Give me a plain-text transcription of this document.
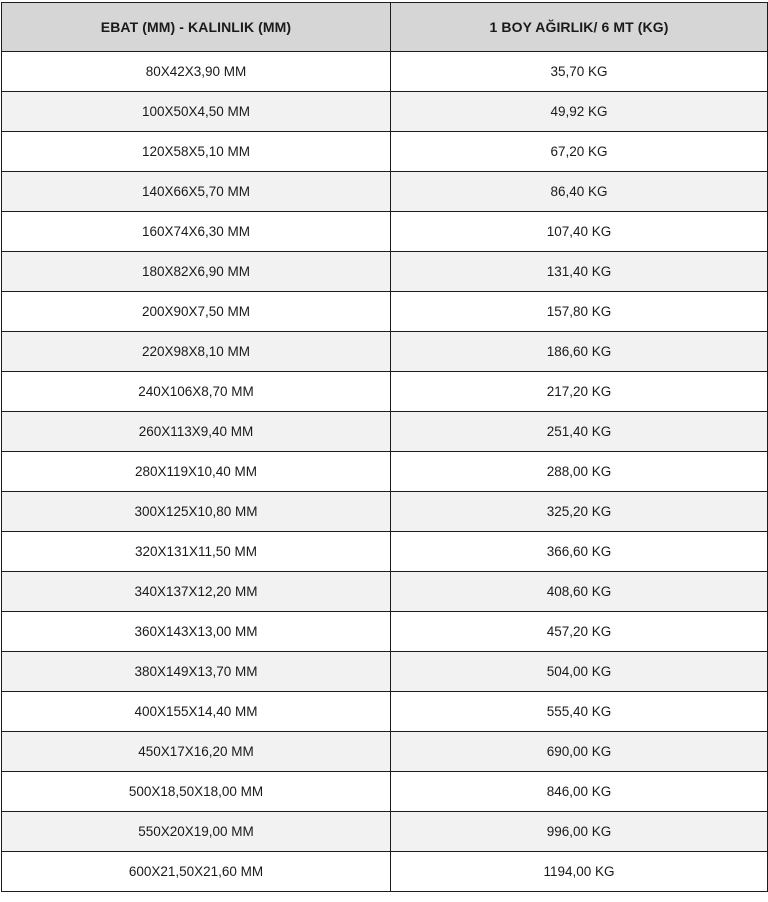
EBAT (MM) - KALINLIK (MM)	1 BOY AĞIRLIK/ 6 MT (KG)
80X42X3,90 MM	35,70 KG
100X50X4,50 MM	49,92 KG
120X58X5,10 MM	67,20 KG
140X66X5,70 MM	86,40 KG
160X74X6,30 MM	107,40 KG
180X82X6,90 MM	131,40 KG
200X90X7,50 MM	157,80 KG
220X98X8,10 MM	186,60 KG
240X106X8,70 MM	217,20 KG
260X113X9,40 MM	251,40 KG
280X119X10,40 MM	288,00 KG
300X125X10,80 MM	325,20 KG
320X131X11,50 MM	366,60 KG
340X137X12,20 MM	408,60 KG
360X143X13,00 MM	457,20 KG
380X149X13,70 MM	504,00 KG
400X155X14,40 MM	555,40 KG
450X17X16,20 MM	690,00 KG
500X18,50X18,00 MM	846,00 KG
550X20X19,00 MM	996,00 KG
600X21,50X21,60 MM	1194,00 KG
